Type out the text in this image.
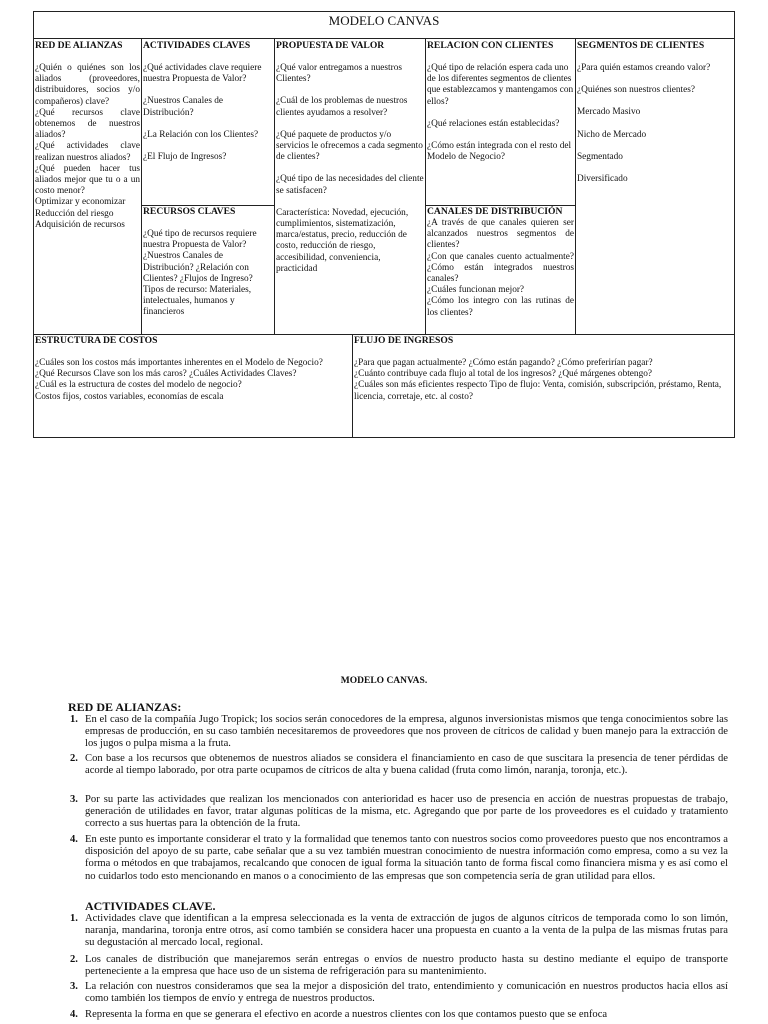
MODELO CANVAS
RED DE ALIANZAS
¿Quién o quiénes son los aliados (proveedores, distribuidores, socios y/o compañeros) clave?
¿Qué recursos clave obtenemos de nuestros aliados?
¿Qué actividades clave realizan nuestros aliados?
¿Qué pueden hacer tus aliados mejor que tu o a un costo menor?
Optimizar y economizar
Reducción del riesgo
Adquisición de recursos
ACTIVIDADES CLAVES
¿Qué actividades clave requiere nuestra Propuesta de Valor?
¿Nuestros Canales de Distribución?
¿La Relación con los Clientes?
¿El Flujo de Ingresos?
RECURSOS CLAVES
¿Qué tipo de recursos requiere nuestra Propuesta de Valor?
¿Nuestros Canales de Distribución? ¿Relación con Clientes? ¿Flujos de Ingreso?
Tipos de recurso: Materiales, intelectuales, humanos y financieros
PROPUESTA DE VALOR
¿Qué valor entregamos a nuestros Clientes?
¿Cuál de los problemas de nuestros clientes ayudamos a resolver?
¿Qué paquete de productos y/o servicios le ofrecemos a cada segmento de clientes?
¿Qué tipo de las necesidades del cliente se satisfacen?
Característica: Novedad, ejecución, cumplimientos, sistematización, marca/estatus, precio, reducción de costo, reducción de riesgo, accesibilidad, conveniencia, practicidad
RELACION CON CLIENTES
¿Qué tipo de relación espera cada uno de los diferentes segmentos de clientes que establezcamos y mantengamos con ellos?
¿Qué relaciones están establecidas?
¿Cómo están integrada con el resto del Modelo de Negocio?
CANALES DE DISTRIBUCIÓN
¿A través de que canales quieren ser alcanzados nuestros segmentos de clientes?
¿Con que canales cuento actualmente? ¿Cómo están integrados nuestros canales?
¿Cuáles funcionan mejor?
¿Cómo los integro con las rutinas de los clientes?
SEGMENTOS DE CLIENTES
¿Para quién estamos creando valor?
¿Quiénes son nuestros clientes?
Mercado Masivo
Nicho de Mercado
Segmentado
Diversificado
ESTRUCTURA DE COSTOS
¿Cuáles son los costos más importantes inherentes en el Modelo de Negocio?
¿Qué Recursos Clave son los más caros? ¿Cuáles Actividades Claves?
¿Cuál es la estructura de costes del modelo de negocio?
Costos fijos, costos variables, economías de escala
FLUJO DE INGRESOS
¿Para que pagan actualmente? ¿Cómo están pagando? ¿Cómo preferirían pagar?
¿Cuánto contribuye cada flujo al total de los ingresos? ¿Qué márgenes obtengo?
¿Cuáles son más eficientes respecto Tipo de flujo: Venta, comisión, subscripción, préstamo, Renta, licencia, corretaje, etc. al costo?
MODELO CANVAS.
RED DE ALIANZAS:
1. En el caso de la compañía Jugo Tropick; los socios serán conocedores de la empresa, algunos inversionistas mismos que tenga conocimientos sobre las empresas de producción, en su caso también necesitaremos de proveedores que nos proveen de cítricos de calidad y buen manejo para la extracción de los jugos o pulpa misma a la fruta.
2. Con base a los recursos que obtenemos de nuestros aliados se considera el financiamiento en caso de que suscitara la presencia de tener pérdidas de acorde al tiempo laborado, por otra parte ocupamos de cítricos de alta y buena calidad (fruta como limón, naranja, toronja, etc.).
3. Por su parte las actividades que realizan los mencionados con anterioridad es hacer uso de presencia en acción de nuestras propuestas de trabajo, generación de utilidades en favor, tratar algunas políticas de la misma, etc. Agregando que por parte de los proveedores es el cuidado y tratamiento correcto a sus huertas para la obtención de la fruta.
4. En este punto es importante considerar el trato y la formalidad que tenemos tanto con nuestros socios como proveedores puesto que nos encontramos a disposición del apoyo de su parte, cabe señalar que a su vez también muestran conocimiento de nuestra información como empresa, como a su vez la forma o métodos en que trabajamos, recalcando que conocen de igual forma la situación tanto de forma fiscal como financiera misma y es así como el no cuidarlos todo esto mencionando en manos o a conocimiento de las empresas que son competencia sería de gran utilidad para ellos.
ACTIVIDADES CLAVE.
1. Actividades clave que identifican a la empresa seleccionada es la venta de extracción de jugos de algunos cítricos de temporada como lo son limón, naranja, mandarina, toronja entre otros, así como también se considera hacer una propuesta en cuanto a la venta de la pulpa de las mismas frutas para su degustación al mercado local, regional.
2. Los canales de distribución que manejaremos serán entregas o envíos de nuestro producto hasta su destino mediante el equipo de transporte perteneciente a la empresa que hace uso de un sistema de refrigeración para su mantenimiento.
3. La relación con nuestros consideramos que sea la mejor a disposición del trato, entendimiento y comunicación en nuestros productos hacia ellos así como también los tiempos de envío y entrega de nuestros productos.
4. Representa la forma en que se generara el efectivo en acorde a nuestros clientes con los que contamos puesto que se enfoca
